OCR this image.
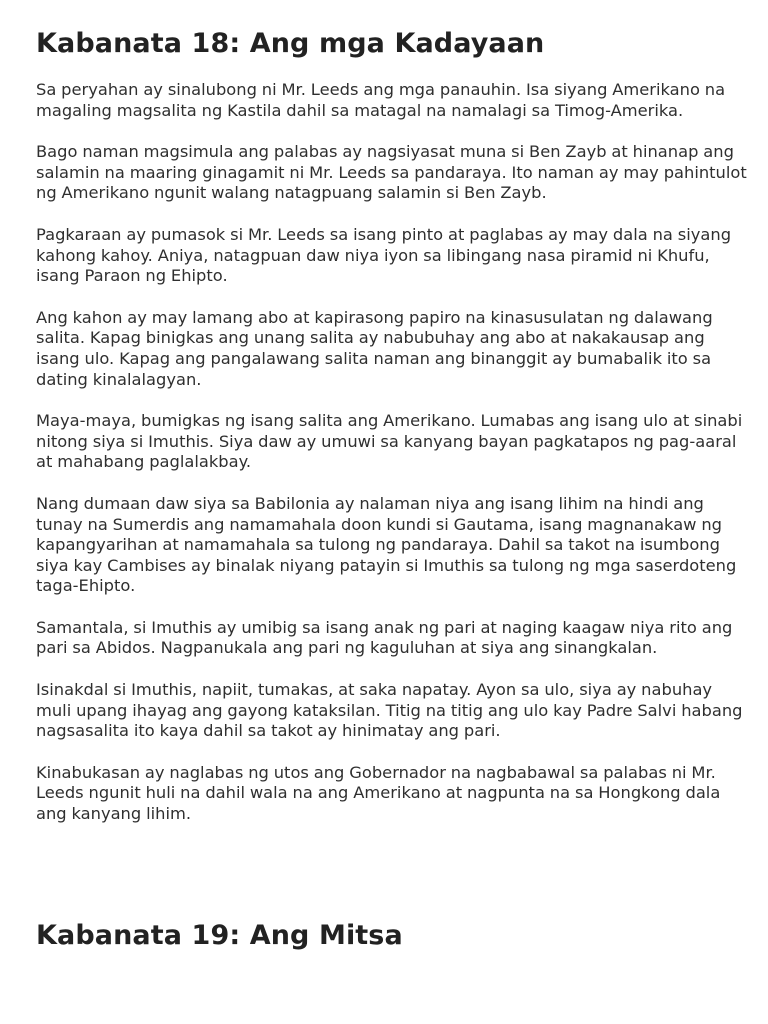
Kabanata 18: Ang mga Kadayaan

Sa peryahan ay sinalubong ni Mr. Leeds ang mga panauhin. Isa siyang Amerikano na magaling magsalita ng Kastila dahil sa matagal na namalagi sa Timog-Amerika.

Bago naman magsimula ang palabas ay nagsiyasat muna si Ben Zayb at hinanap ang salamin na maaring ginagamit ni Mr. Leeds sa pandaraya. Ito naman ay may pahintulot ng Amerikano ngunit walang natagpuang salamin si Ben Zayb.

Pagkaraan ay pumasok si Mr. Leeds sa isang pinto at paglabas ay may dala na siyang kahong kahoy. Aniya, natagpuan daw niya iyon sa libingang nasa piramid ni Khufu, isang Paraon ng Ehipto.

Ang kahon ay may lamang abo at kapirasong papiro na kinasusulatan ng dalawang salita. Kapag binigkas ang unang salita ay nabubuhay ang abo at nakakausap ang isang ulo. Kapag ang pangalawang salita naman ang binanggit ay bumabalik ito sa dating kinalalagyan.

Maya-maya, bumigkas ng isang salita ang Amerikano. Lumabas ang isang ulo at sinabi nitong siya si Imuthis. Siya daw ay umuwi sa kanyang bayan pagkatapos ng pag-aaral at mahabang paglalakbay.

Nang dumaan daw siya sa Babilonia ay nalaman niya ang isang lihim na hindi ang tunay na Sumerdis ang namamahala doon kundi si Gautama, isang magnanakaw ng kapangyarihan at namamahala sa tulong ng pandaraya. Dahil sa takot na isumbong siya kay Cambises ay binalak niyang patayin si Imuthis sa tulong ng mga saserdoteng taga-Ehipto.

Samantala, si Imuthis ay umibig sa isang anak ng pari at naging kaagaw niya rito ang pari sa Abidos. Nagpanukala ang pari ng kaguluhan at siya ang sinangkalan.

Isinakdal si Imuthis, napiit, tumakas, at saka napatay. Ayon sa ulo, siya ay nabuhay muli upang ihayag ang gayong kataksilan. Titig na titig ang ulo kay Padre Salvi habang nagsasalita ito kaya dahil sa takot ay hinimatay ang pari.

Kinabukasan ay naglabas ng utos ang Gobernador na nagbabawal sa palabas ni Mr. Leeds ngunit huli na dahil wala na ang Amerikano at nagpunta na sa Hongkong dala ang kanyang lihim.

Kabanata 19: Ang Mitsa
